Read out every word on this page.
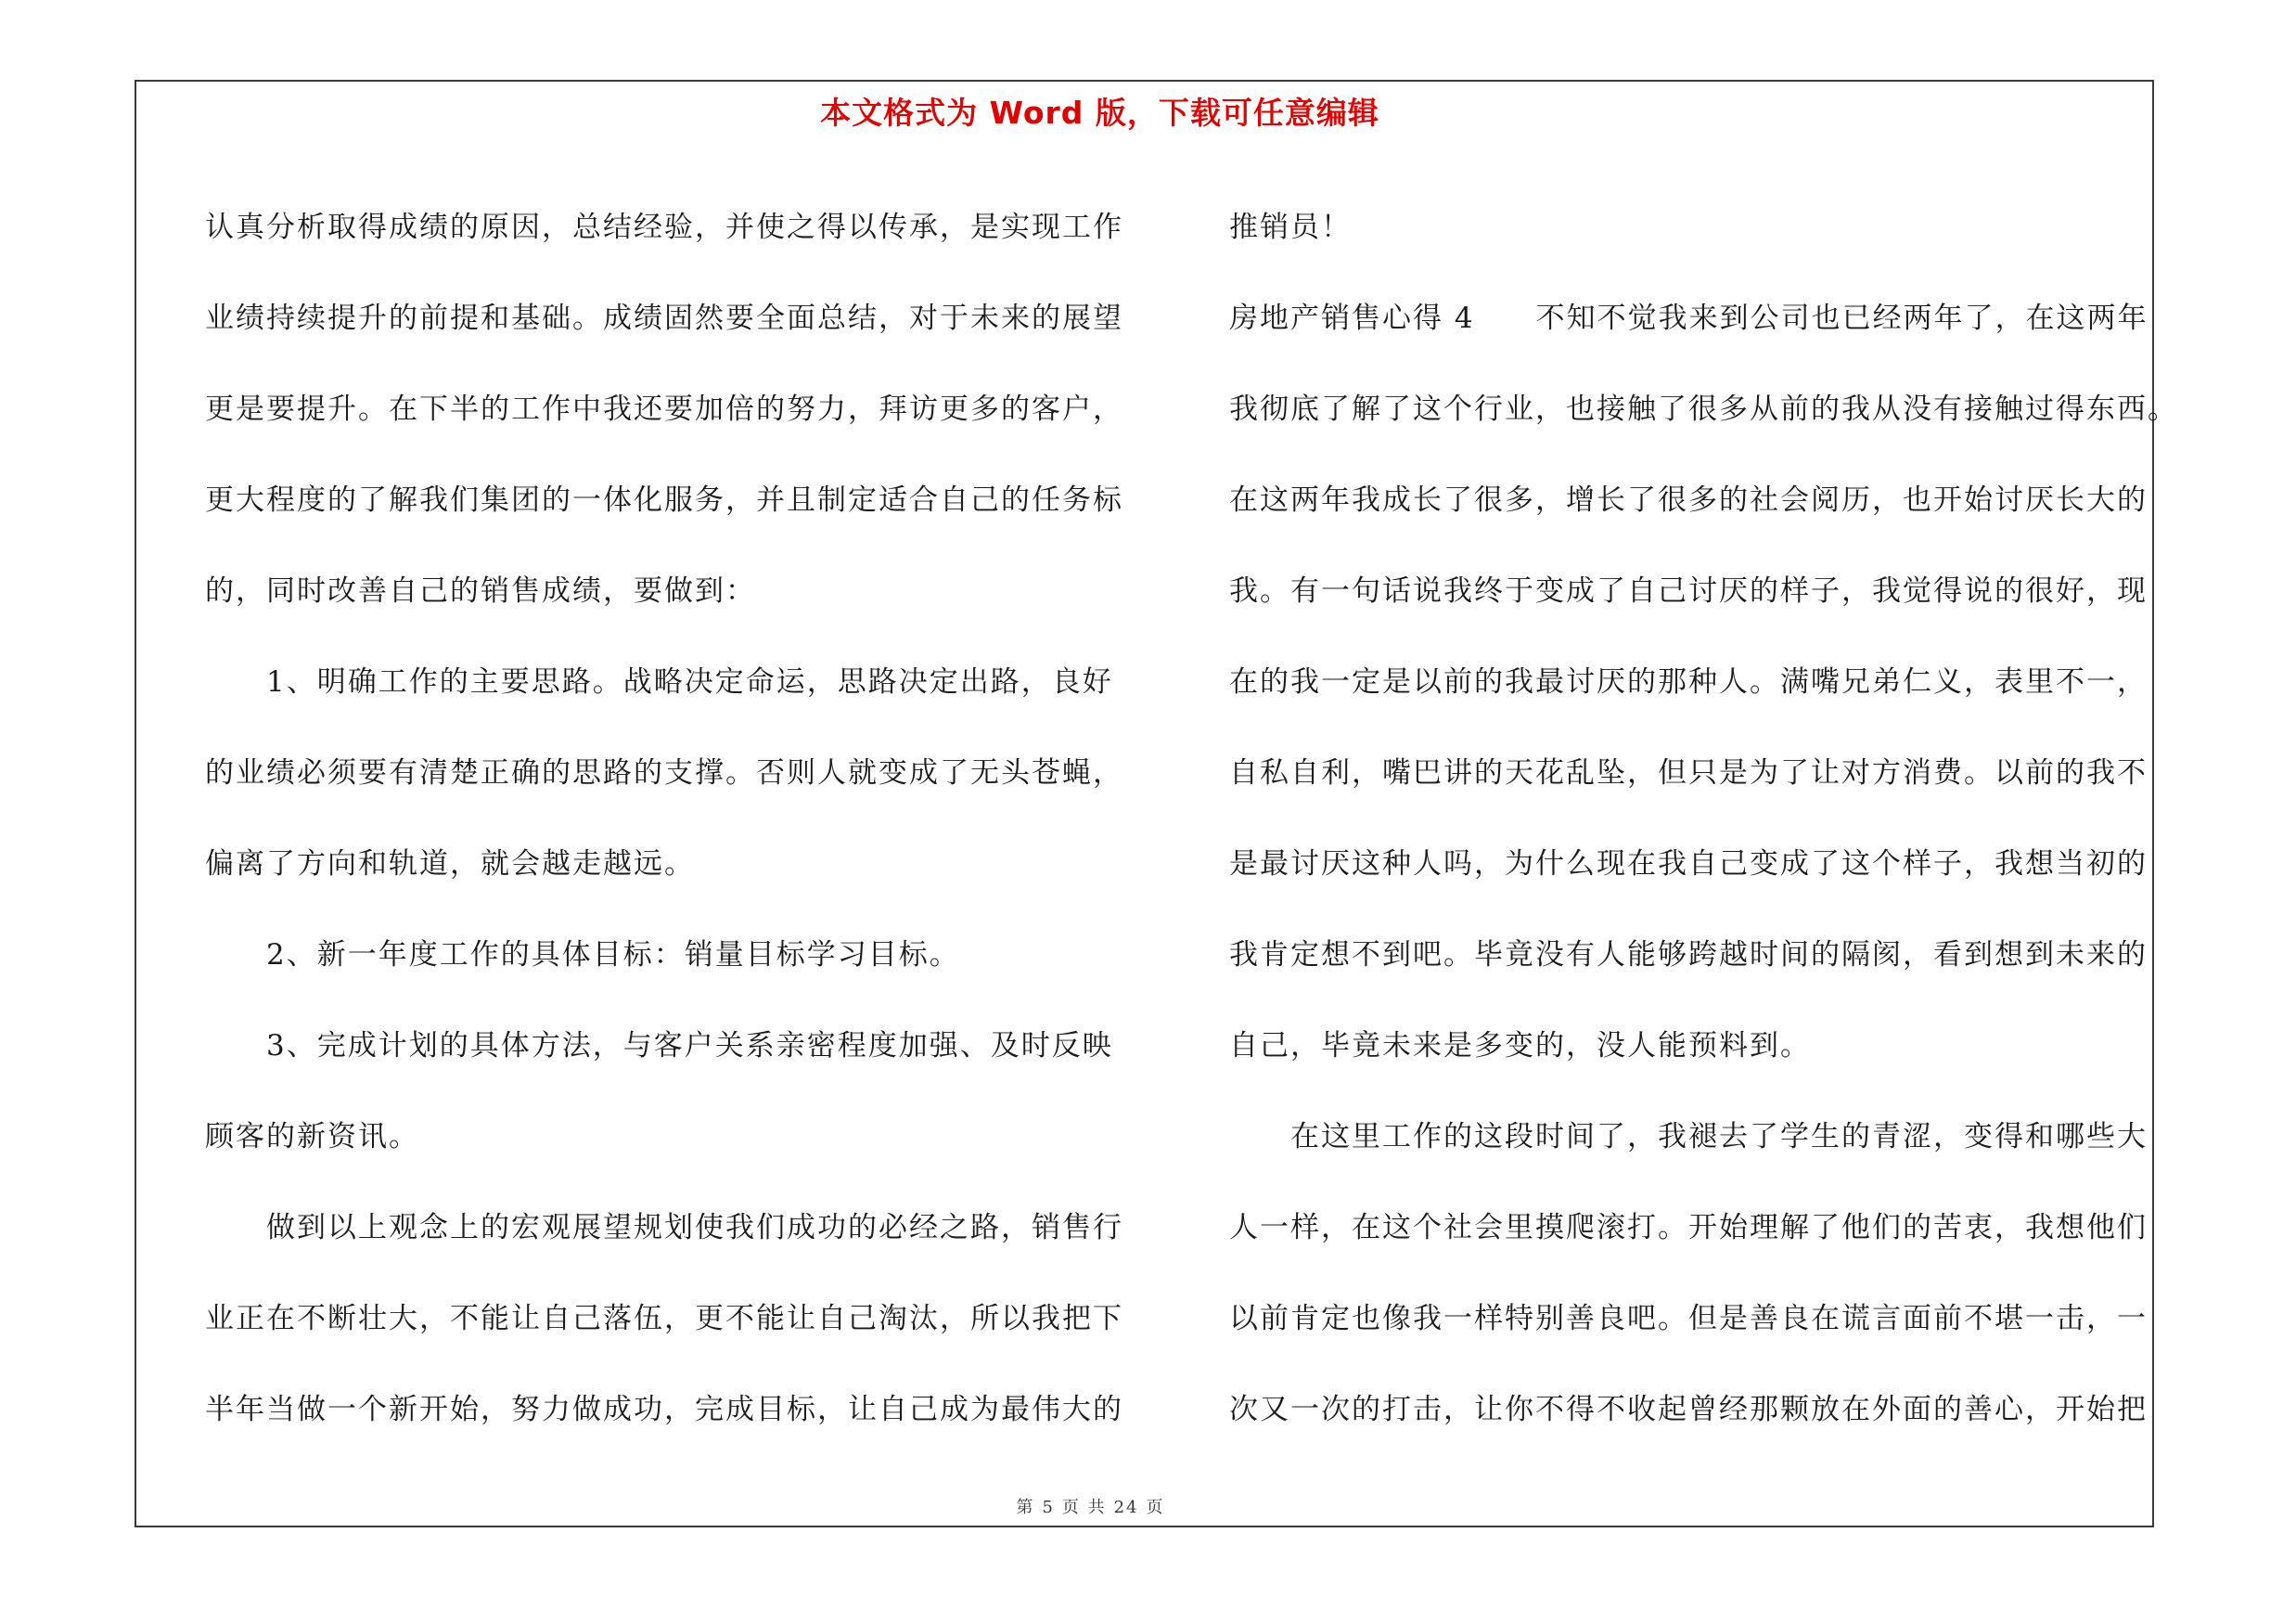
本文格式为 Word 版，下载可任意编辑
认真分析取得成绩的原因，总结经验，并使之得以传承，是实现工作
业绩持续提升的前提和基础。成绩固然要全面总结，对于未来的展望
更是要提升。在下半的工作中我还要加倍的努力，拜访更多的客户，
更大程度的了解我们集团的一体化服务，并且制定适合自己的任务标
的，同时改善自己的销售成绩，要做到：
1、明确工作的主要思路。战略决定命运，思路决定出路，良好
的业绩必须要有清楚正确的思路的支撑。否则人就变成了无头苍蝇，
偏离了方向和轨道，就会越走越远。
2、新一年度工作的具体目标：销量目标学习目标。
3、完成计划的具体方法，与客户关系亲密程度加强、及时反映
顾客的新资讯。
做到以上观念上的宏观展望规划使我们成功的必经之路，销售行
业正在不断壮大，不能让自己落伍，更不能让自己淘汰，所以我把下
半年当做一个新开始，努力做成功，完成目标，让自己成为最伟大的
推销员！
房地产销售心得 4　　不知不觉我来到公司也已经两年了，在这两年
我彻底了解了这个行业，也接触了很多从前的我从没有接触过得东西。
在这两年我成长了很多，增长了很多的社会阅历，也开始讨厌长大的
我。有一句话说我终于变成了自己讨厌的样子，我觉得说的很好，现
在的我一定是以前的我最讨厌的那种人。满嘴兄弟仁义，表里不一，
自私自利，嘴巴讲的天花乱坠，但只是为了让对方消费。以前的我不
是最讨厌这种人吗，为什么现在我自己变成了这个样子，我想当初的
我肯定想不到吧。毕竟没有人能够跨越时间的隔阂，看到想到未来的
自己，毕竟未来是多变的，没人能预料到。
在这里工作的这段时间了，我褪去了学生的青涩，变得和哪些大
人一样，在这个社会里摸爬滚打。开始理解了他们的苦衷，我想他们
以前肯定也像我一样特别善良吧。但是善良在谎言面前不堪一击，一
次又一次的打击，让你不得不收起曾经那颗放在外面的善心，开始把
第 5 页 共 24 页
